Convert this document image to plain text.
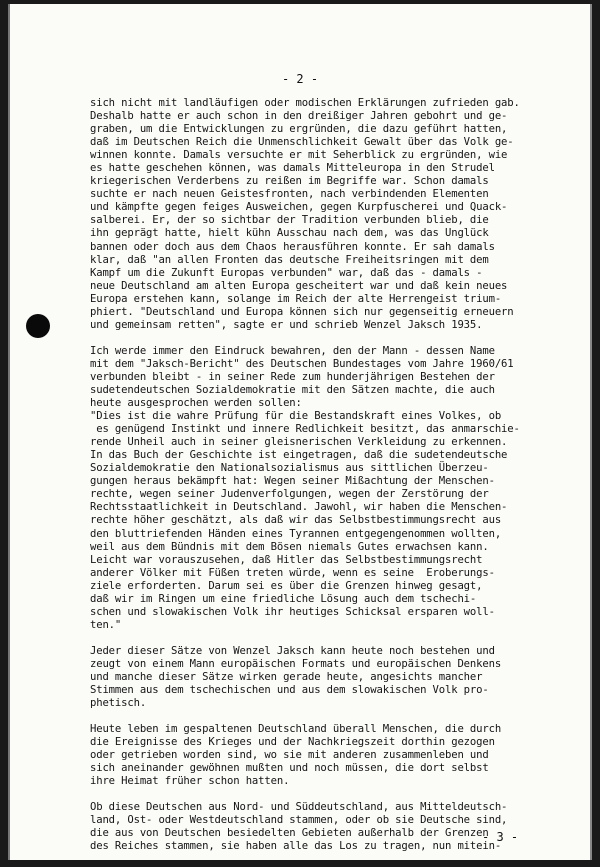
- 2 -
sich nicht mit landläufigen oder modischen Erklärungen zufrieden gab.
Deshalb hatte er auch schon in den dreißiger Jahren gebohrt und ge-
graben, um die Entwicklungen zu ergründen, die dazu geführt hatten,
daß im Deutschen Reich die Unmenschlichkeit Gewalt über das Volk ge-
winnen konnte. Damals versuchte er mit Seherblick zu ergründen, wie
es hatte geschehen können, was damals Mitteleuropa in den Strudel
kriegerischen Verderbens zu reißen im Begriffe war. Schon damals
suchte er nach neuen Geistesfronten, nach verbindenden Elementen
und kämpfte gegen feiges Ausweichen, gegen Kurpfuscherei und Quack-
salberei. Er, der so sichtbar der Tradition verbunden blieb, die
ihn geprägt hatte, hielt kühn Ausschau nach dem, was das Unglück
bannen oder doch aus dem Chaos herausführen konnte. Er sah damals
klar, daß "an allen Fronten das deutsche Freiheitsringen mit dem
Kampf um die Zukunft Europas verbunden" war, daß das - damals -
neue Deutschland am alten Europa gescheitert war und daß kein neues
Europa erstehen kann, solange im Reich der alte Herrengeist trium-
phiert. "Deutschland und Europa können sich nur gegenseitig erneuern
und gemeinsam retten", sagte er und schrieb Wenzel Jaksch 1935.
Ich werde immer den Eindruck bewahren, den der Mann - dessen Name
mit dem "Jaksch-Bericht" des Deutschen Bundestages vom Jahre 1960/61
verbunden bleibt - in seiner Rede zum hunderjährigen Bestehen der
sudetendeutschen Sozialdemokratie mit den Sätzen machte, die auch
heute ausgesprochen werden sollen:
"Dies ist die wahre Prüfung für die Bestandskraft eines Volkes, ob
es genügend Instinkt und innere Redlichkeit besitzt, das anmarschie-
rende Unheil auch in seiner gleisnerischen Verkleidung zu erkennen.
In das Buch der Geschichte ist eingetragen, daß die sudetendeutsche
Sozialdemokratie den Nationalsozialismus aus sittlichen Überzeu-
gungen heraus bekämpft hat: Wegen seiner Mißachtung der Menschen-
rechte, wegen seiner Judenverfolgungen, wegen der Zerstörung der
Rechtsstaatlichkeit in Deutschland. Jawohl, wir haben die Menschen-
rechte höher geschätzt, als daß wir das Selbstbestimmungsrecht aus
den bluttriefenden Händen eines Tyrannen entgegengenommen wollten,
weil aus dem Bündnis mit dem Bösen niemals Gutes erwachsen kann.
Leicht war vorauszusehen, daß Hitler das Selbstbestimmungsrecht
anderer Völker mit Füßen treten würde, wenn es seine  Eroberungs-
ziele erforderten. Darum sei es über die Grenzen hinweg gesagt,
daß wir im Ringen um eine friedliche Lösung auch dem tschechi-
schen und slowakischen Volk ihr heutiges Schicksal ersparen woll-
ten."
Jeder dieser Sätze von Wenzel Jaksch kann heute noch bestehen und
zeugt von einem Mann europäischen Formats und europäischen Denkens
und manche dieser Sätze wirken gerade heute, angesichts mancher
Stimmen aus dem tschechischen und aus dem slowakischen Volk pro-
phetisch.
Heute leben im gespaltenen Deutschland überall Menschen, die durch
die Ereignisse des Krieges und der Nachkriegszeit dorthin gezogen
oder getrieben worden sind, wo sie mit anderen zusammenleben und
sich aneinander gewöhnen mußten und noch müssen, die dort selbst
ihre Heimat früher schon hatten.
Ob diese Deutschen aus Nord- und Süddeutschland, aus Mitteldeutsch-
land, Ost- oder Westdeutschland stammen, oder ob sie Deutsche sind,
die aus von Deutschen besiedelten Gebieten außerhalb der Grenzen
des Reiches stammen, sie haben alle das Los zu tragen, nun mitein-
- 3 -
